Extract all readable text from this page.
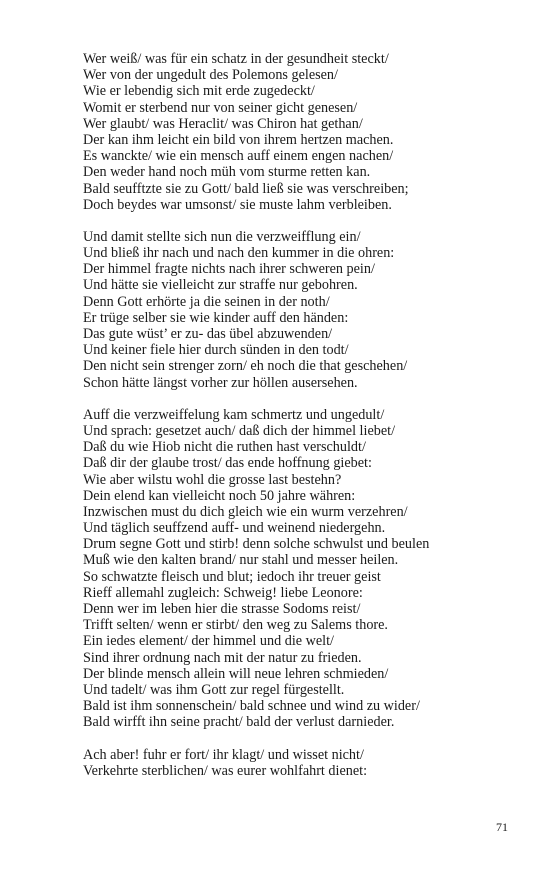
Wer weiß/ was für ein schatz in der gesundheit steckt/
Wer von der ungedult des Polemons gelesen/
Wie er lebendig sich mit erde zugedeckt/
Womit er sterbend nur von seiner gicht genesen/
Wer glaubt/ was Heraclit/ was Chiron hat gethan/
Der kan ihm leicht ein bild von ihrem hertzen machen.
Es wanckte/ wie ein mensch auff einem engen nachen/
Den weder hand noch müh vom sturme retten kan.
Bald seufftzte sie zu Gott/ bald ließ sie was verschreiben;
Doch beydes war umsonst/ sie muste lahm verbleiben.
Und damit stellte sich nun die verzweifflung ein/
Und bließ ihr nach und nach den kummer in die ohren:
Der himmel fragte nichts nach ihrer schweren pein/
Und hätte sie vielleicht zur straffe nur gebohren.
Denn Gott erhörte ja die seinen in der noth/
Er trüge selber sie wie kinder auff den händen:
Das gute wüst’ er zu- das übel abzuwenden/
Und keiner fiele hier durch sünden in den todt/
Den nicht sein strenger zorn/ eh noch die that geschehen/
Schon hätte längst vorher zur höllen ausersehen.
Auff die verzweiffelung kam schmertz und ungedult/
Und sprach: gesetzet auch/ daß dich der himmel liebet/
Daß du wie Hiob nicht die ruthen hast verschuldt/
Daß dir der glaube trost/ das ende hoffnung giebet:
Wie aber wilstu wohl die grosse last bestehn?
Dein elend kan vielleicht noch 50 jahre währen:
Inzwischen must du dich gleich wie ein wurm verzehren/
Und täglich seuffzend auff- und weinend niedergehn.
Drum segne Gott und stirb! denn solche schwulst und beulen
Muß wie den kalten brand/ nur stahl und messer heilen.
So schwatzte fleisch und blut; iedoch ihr treuer geist
Rieff allemahl zugleich: Schweig! liebe Leonore:
Denn wer im leben hier die strasse Sodoms reist/
Trifft selten/ wenn er stirbt/ den weg zu Salems thore.
Ein iedes element/ der himmel und die welt/
Sind ihrer ordnung nach mit der natur zu frieden.
Der blinde mensch allein will neue lehren schmieden/
Und tadelt/ was ihm Gott zur regel fürgestellt.
Bald ist ihm sonnenschein/ bald schnee und wind zu wider/
Bald wirfft ihn seine pracht/ bald der verlust darnieder.
Ach aber! fuhr er fort/ ihr klagt/ und wisset nicht/
Verkehrte sterblichen/ was eurer wohlfahrt dienet:
71
